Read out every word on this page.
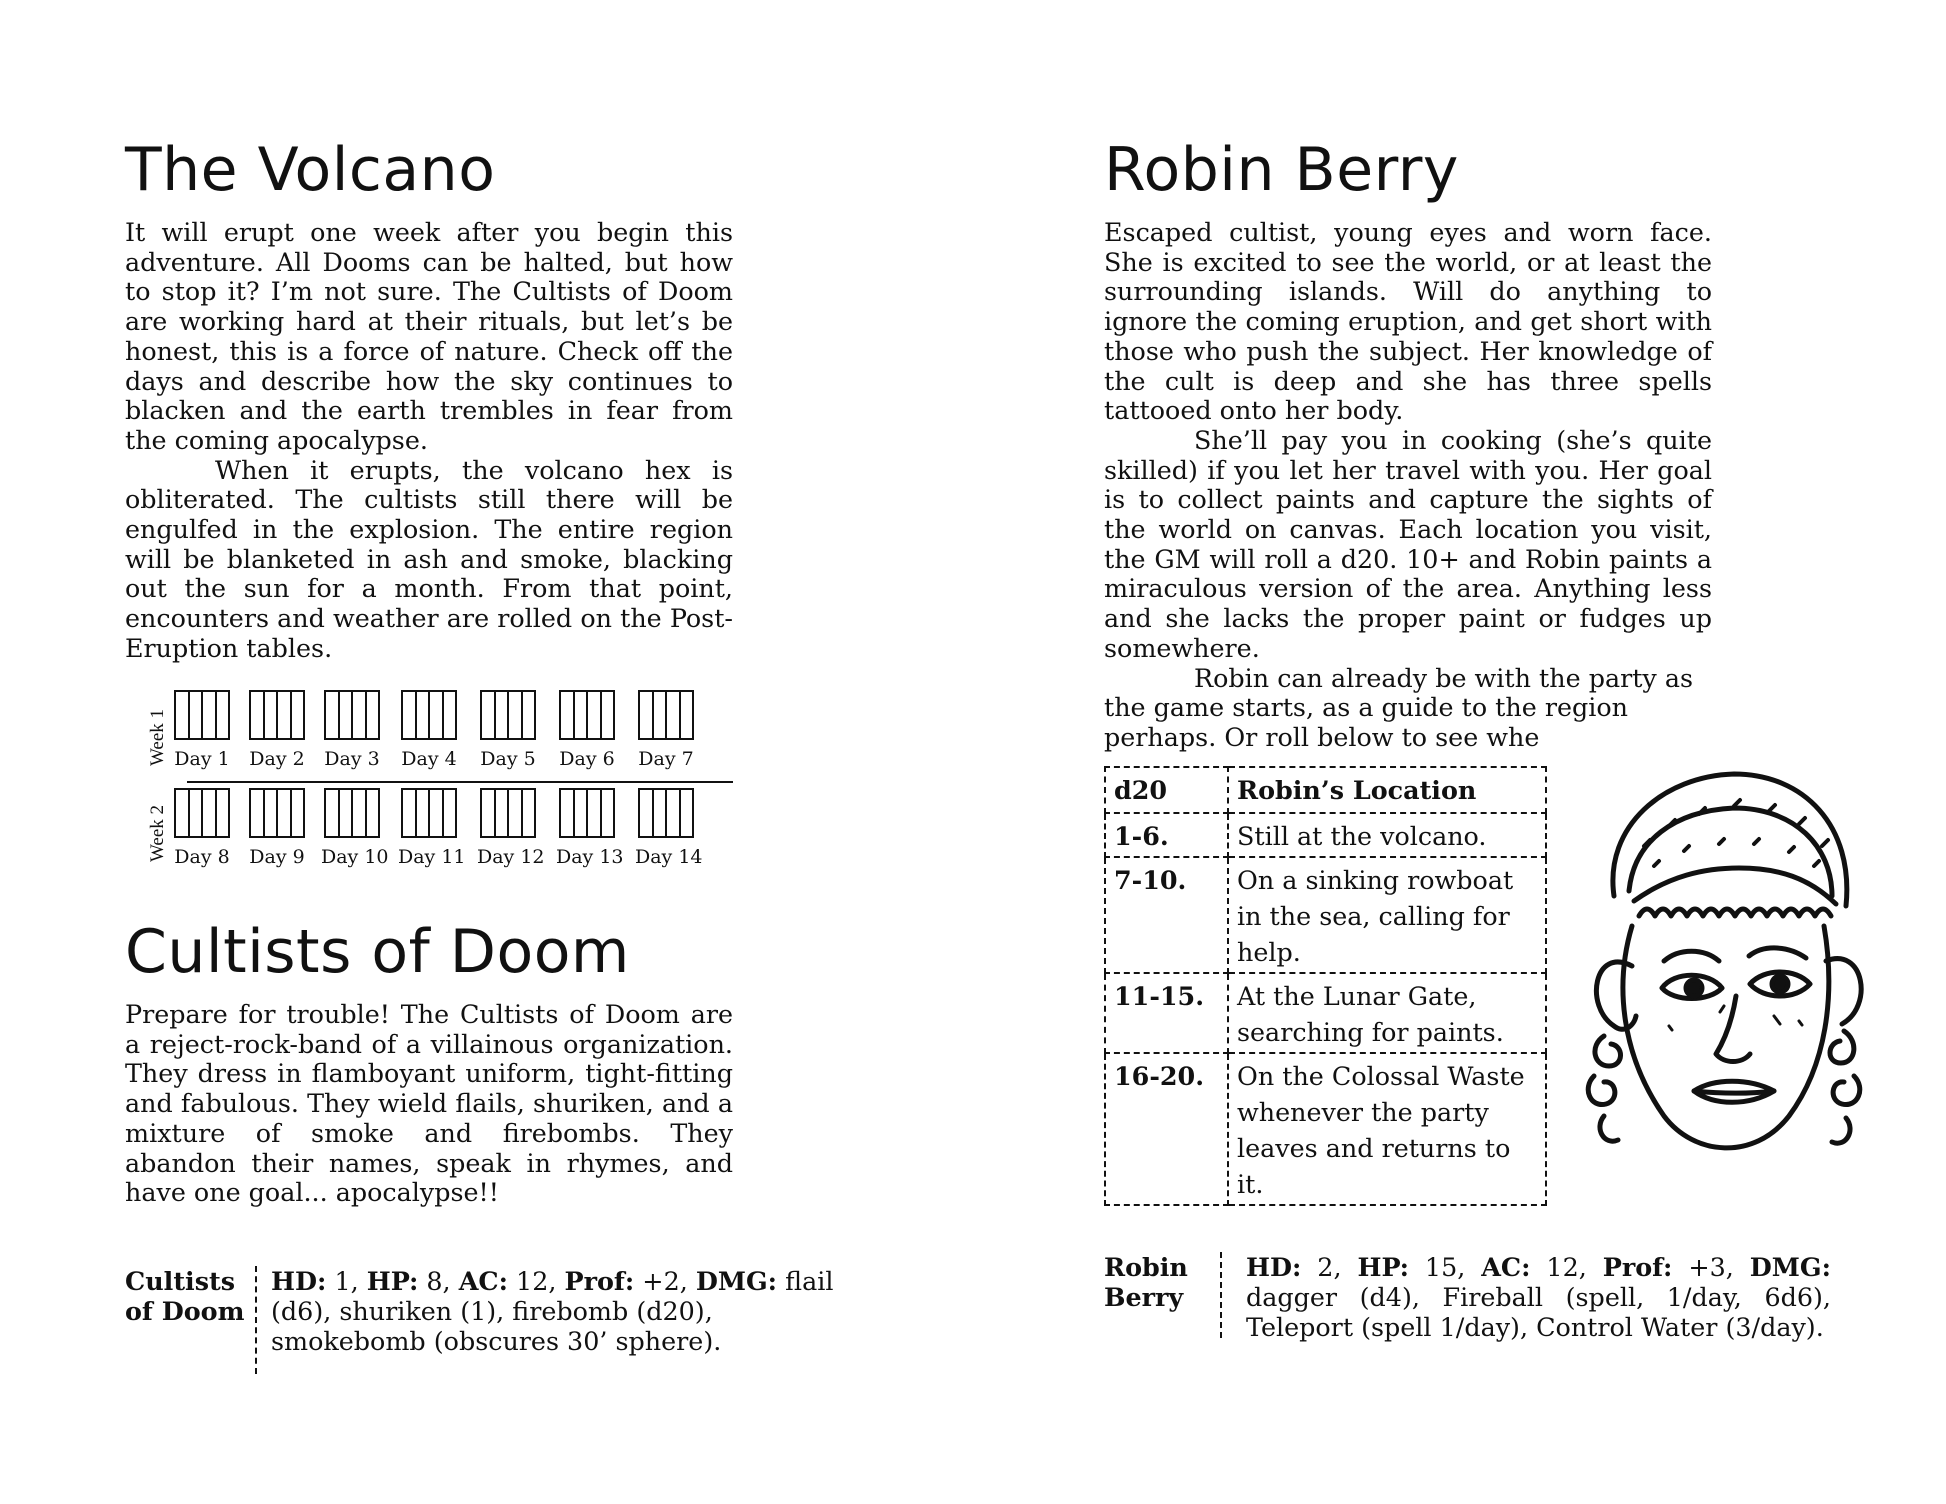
The Volcano

It will erupt one week after you begin this adventure. All Dooms can be halted, but how to stop it? I’m not sure. The Cultists of Doom are working hard at their rituals, but let’s be honest, this is a force of nature. Check off the days and describe how the sky continues to blacken and the earth trembles in fear from the coming apocalypse.

When it erupts, the volcano hex is obliterated. The cultists still there will be engulfed in the explosion. The entire region will be blanketed in ash and smoke, blacking out the sun for a month. From that point, encounters and weather are rolled on the Post-Eruption tables.

Week 1
Week 2
Day 1 Day 2 Day 3 Day 4 Day 5 Day 6 Day 7
Day 8 Day 9 Day 10 Day 11 Day 12 Day 13 Day 14
Cultists of Doom

Prepare for trouble! The Cultists of Doom are a reject-rock-band of a villainous organization. They dress in flamboyant uniform, tight-fitting and fabulous. They wield flails, shuriken, and a mixture of smoke and firebombs. They abandon their names, speak in rhymes, and have one goal... apocalypse!!

Cultists of Doom
HD: 1, HP: 8, AC: 12, Prof: +2, DMG: flail (d6), shuriken (1), firebomb (d20), smokebomb (obscures 30’ sphere).
Robin Berry

Escaped cultist, young eyes and worn face. She is excited to see the world, or at least the surrounding islands. Will do anything to ignore the coming eruption, and get short with those who push the subject. Her knowledge of the cult is deep and she has three spells tattooed onto her body.

She’ll pay you in cooking (she’s quite skilled) if you let her travel with you. Her goal is to collect paints and capture the sights of the world on canvas. Each location you visit, the GM will roll a d20. 10+ and Robin paints a miraculous version of the area. Anything less and she lacks the proper paint or fudges up somewhere.

Robin can already be with the party as the game starts, as a guide to the region perhaps. Or roll below to see whe

d20	Robin’s Location
1-6.	Still at the volcano.
7-10.	On a sinking rowboat in the sea, calling for help.
11-15.	At the Lunar Gate, searching for paints.
16-20.	On the Colossal Waste whenever the party leaves and returns to it.
Robin Berry
HD: 2, HP: 15, AC: 12, Prof: +3, DMG: dagger (d4), Fireball (spell, 1/day, 6d6), Teleport (spell 1/day), Control Water (3/day).
